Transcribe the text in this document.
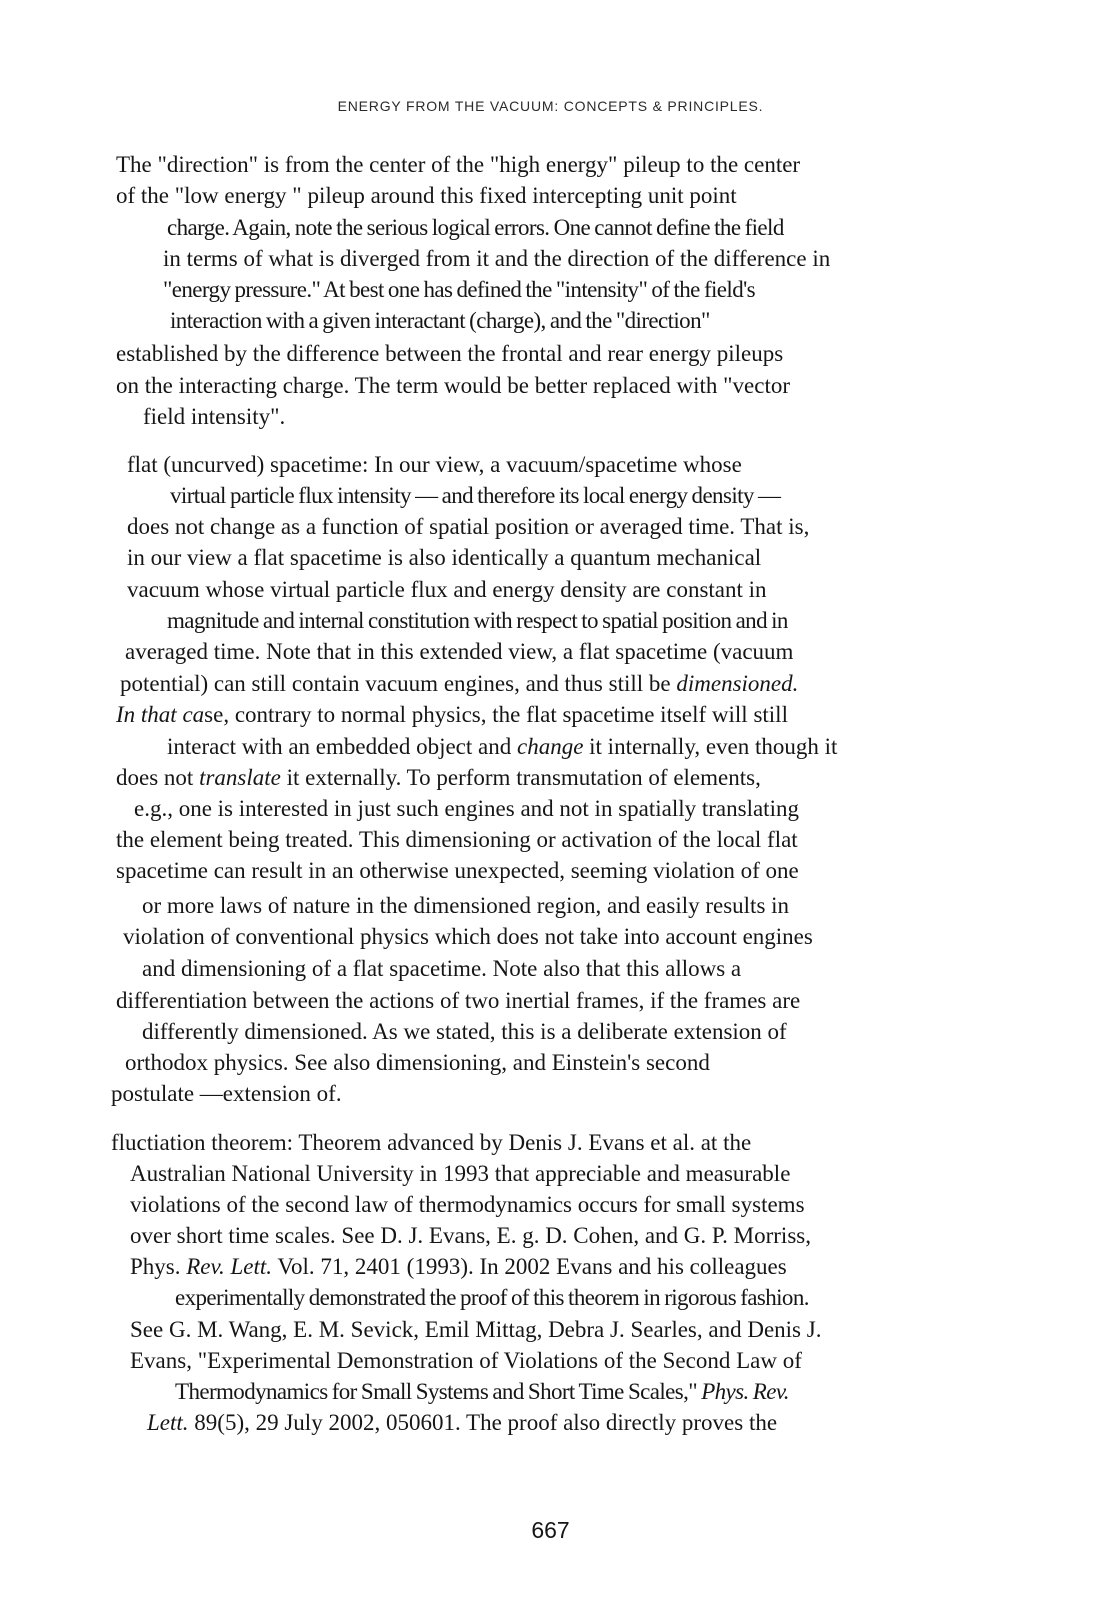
ENERGY FROM THE VACUUM: CONCEPTS & PRINCIPLES.
The "direction" is from the center of the "high energy" pileup to the center
of the "low energy " pileup around this fixed intercepting unit point
charge. Again, note the serious logical errors. One cannot define the field
in terms of what is diverged from it and the direction of the difference in
"energy pressure." At best one has defined the "intensity" of the field's
interaction with a given interactant (charge), and the "direction"
established by the difference between the frontal and rear energy pileups
on the interacting charge. The term would be better replaced with "vector
field intensity".
flat (uncurved) spacetime: In our view, a vacuum/spacetime whose
virtual particle flux intensity — and therefore its local energy density —
does not change as a function of spatial position or averaged time. That is,
in our view a flat spacetime is also identically a quantum mechanical
vacuum whose virtual particle flux and energy density are constant in
magnitude and internal constitution with respect to spatial position and in
averaged time. Note that in this extended view, a flat spacetime (vacuum
potential) can still contain vacuum engines, and thus still be dimensioned.
In that case, contrary to normal physics, the flat spacetime itself will still
interact with an embedded object and change it internally, even though it
does not translate it externally. To perform transmutation of elements,
e.g., one is interested in just such engines and not in spatially translating
the element being treated. This dimensioning or activation of the local flat
spacetime can result in an otherwise unexpected, seeming violation of one
or more laws of nature in the dimensioned region, and easily results in
violation of conventional physics which does not take into account engines
and dimensioning of a flat spacetime. Note also that this allows a
differentiation between the actions of two inertial frames, if the frames are
differently dimensioned. As we stated, this is a deliberate extension of
orthodox physics. See also dimensioning, and Einstein's second
postulate —extension of.
fluctiation theorem: Theorem advanced by Denis J. Evans et al. at the
Australian National University in 1993 that appreciable and measurable
violations of the second law of thermodynamics occurs for small systems
over short time scales. See D. J. Evans, E. g. D. Cohen, and G. P. Morriss,
Phys. Rev. Lett. Vol. 71, 2401 (1993). In 2002 Evans and his colleagues
experimentally demonstrated the proof of this theorem in rigorous fashion.
See G. M. Wang, E. M. Sevick, Emil Mittag, Debra J. Searles, and Denis J.
Evans, "Experimental Demonstration of Violations of the Second Law of
Thermodynamics for Small Systems and Short Time Scales," Phys. Rev.
Lett. 89(5), 29 July 2002, 050601. The proof also directly proves the
667
